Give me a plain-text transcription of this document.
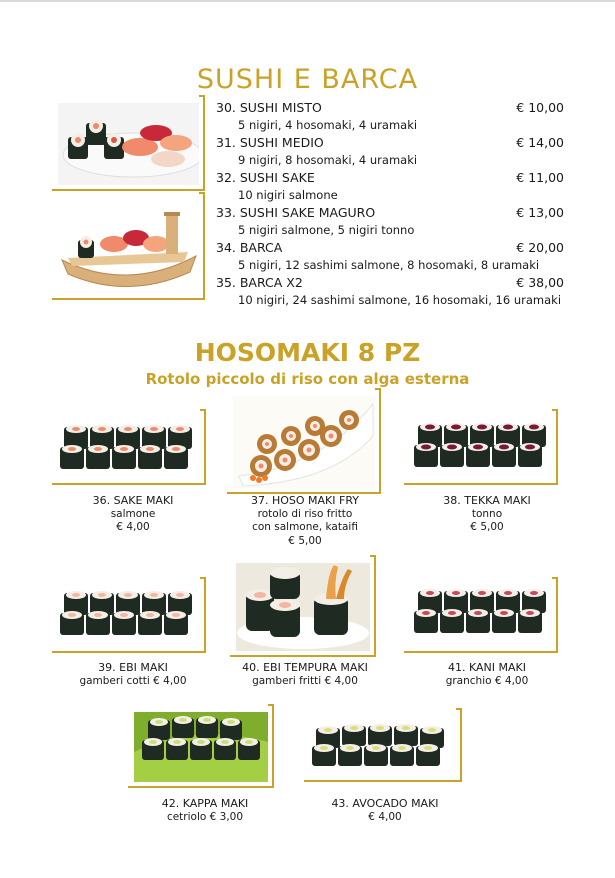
SUSHI E BARCA
30. SUSHI MISTO	€ 10,00
5 nigiri, 4 hosomaki, 4 uramaki
31. SUSHI MEDIO	€ 14,00
9 nigiri, 8 hosomaki, 4 uramaki
32. SUSHI SAKE	€ 11,00
10 nigiri salmone
33. SUSHI SAKE MAGURO	€ 13,00
5 nigiri salmone, 5 nigiri tonno
34. BARCA	€ 20,00
5 nigiri, 12 sashimi salmone, 8 hosomaki, 8 uramaki
35. BARCA X2	€ 38,00
10 nigiri, 24 sashimi salmone, 16 hosomaki, 16 uramaki
HOSOMAKI 8 PZ

Rotolo piccolo di riso con alga esterna

36. SAKE MAKI
salmone
€ 4,00
37. HOSO MAKI FRY
rotolo di riso fritto
con salmone, kataifi
€ 5,00
38. TEKKA MAKI
tonno
€ 5,00
39. EBI MAKI
gamberi cotti € 4,00
40. EBI TEMPURA MAKI
gamberi fritti € 4,00
41. KANI MAKI
granchio € 4,00
42. KAPPA MAKI
cetriolo € 3,00
43. AVOCADO MAKI
€ 4,00
